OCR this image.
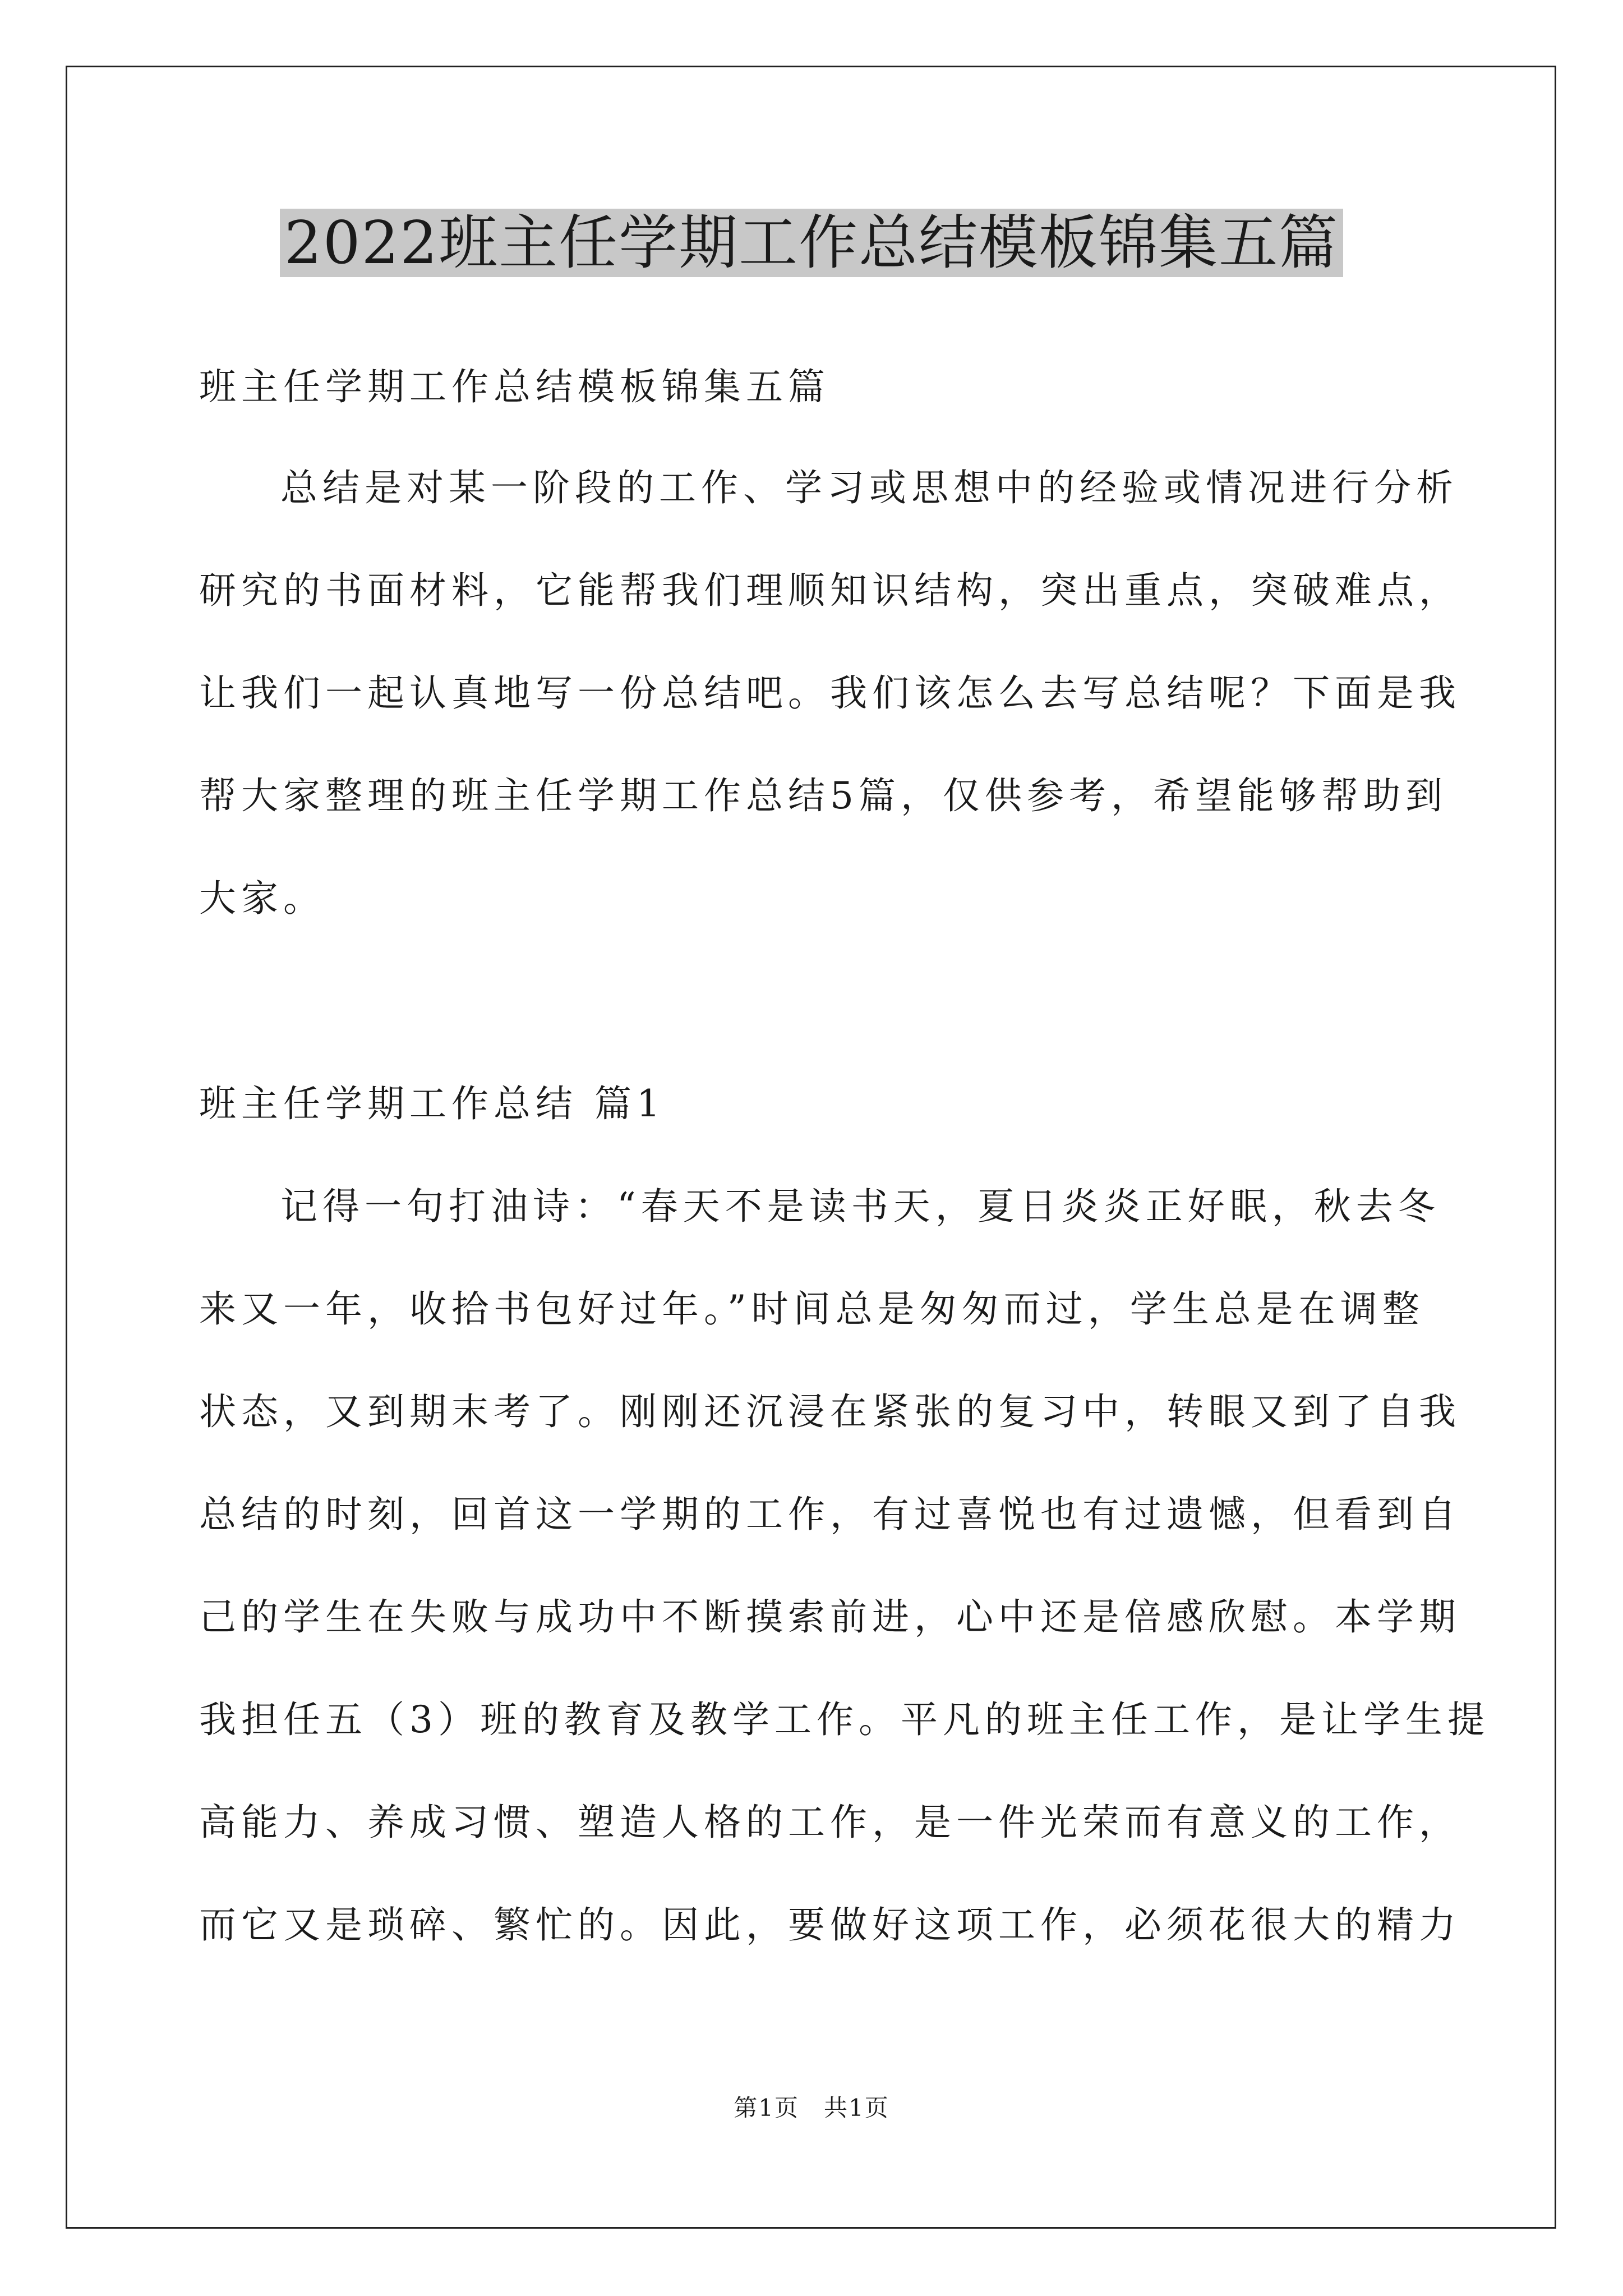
2022班主任学期工作总结模板锦集五篇
班主任学期工作总结模板锦集五篇
总结是对某一阶段的工作、学习或思想中的经验或情况进行分析
研究的书面材料，它能帮我们理顺知识结构，突出重点，突破难点，
让我们一起认真地写一份总结吧。我们该怎么去写总结呢？下面是我
帮大家整理的班主任学期工作总结5篇，仅供参考，希望能够帮助到
大家。
班主任学期工作总结 篇1
记得一句打油诗：“春天不是读书天，夏日炎炎正好眠，秋去冬
来又一年，收拾书包好过年。”时间总是匆匆而过，学生总是在调整
状态，又到期末考了。刚刚还沉浸在紧张的复习中，转眼又到了自我
总结的时刻，回首这一学期的工作，有过喜悦也有过遗憾，但看到自
己的学生在失败与成功中不断摸索前进，心中还是倍感欣慰。本学期
我担任五（3）班的教育及教学工作。平凡的班主任工作，是让学生提
高能力、养成习惯、塑造人格的工作，是一件光荣而有意义的工作，
而它又是琐碎、繁忙的。因此，要做好这项工作，必须花很大的精力
第1页　共1页
